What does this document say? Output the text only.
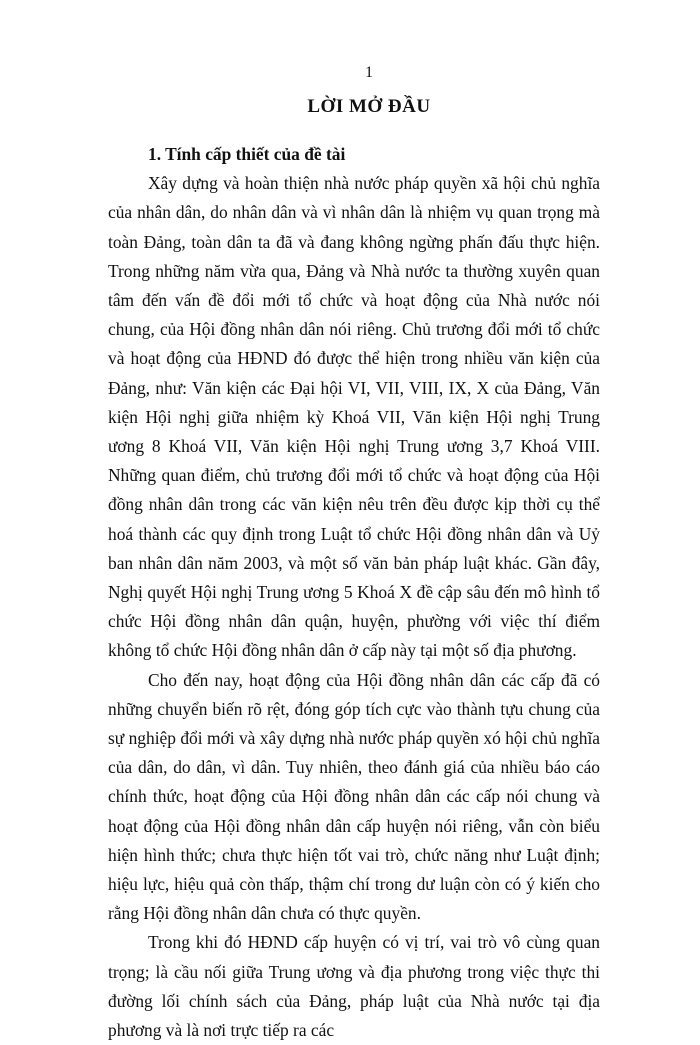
1
LỜI MỞ ĐẦU

1. Tính cấp thiết của đề tài

Xây dựng và hoàn thiện nhà nước pháp quyền xã hội chủ nghĩa của nhân dân, do nhân dân và vì nhân dân là nhiệm vụ quan trọng mà toàn Đảng, toàn dân ta đã và đang không ngừng phấn đấu thực hiện. Trong những năm vừa qua, Đảng và Nhà nước ta thường xuyên quan tâm đến vấn đề đổi mới tổ chức và hoạt động của Nhà nước nói chung, của Hội đồng nhân dân nói riêng. Chủ trương đổi mới tổ chức và hoạt động của HĐND đó được thể hiện trong nhiều văn kiện của Đảng, như: Văn kiện các Đại hội VI, VII, VIII, IX, X của Đảng, Văn kiện Hội nghị giữa nhiệm kỳ Khoá VII, Văn kiện Hội nghị Trung ương 8 Khoá VII, Văn kiện Hội nghị Trung ương 3,7 Khoá VIII. Những quan điểm, chủ trương đổi mới tổ chức và hoạt động của Hội đồng nhân dân trong các văn kiện nêu trên đều được kịp thời cụ thể hoá thành các quy định trong Luật tổ chức Hội đồng nhân dân và Uỷ ban nhân dân năm 2003, và một số văn bản pháp luật khác. Gần đây, Nghị quyết Hội nghị Trung ương 5 Khoá X đề cập sâu đến mô hình tổ chức Hội đồng nhân dân quận, huyện, phường với việc thí điểm không tổ chức Hội đồng nhân dân ở cấp này tại một số địa phương.

Cho đến nay, hoạt động của Hội đồng nhân dân các cấp đã có những chuyển biến rõ rệt, đóng góp tích cực vào thành tựu chung của sự nghiệp đổi mới và xây dựng nhà nước pháp quyền xó hội chủ nghĩa của dân, do dân, vì dân. Tuy nhiên, theo đánh giá của nhiều báo cáo chính thức, hoạt động của Hội đồng nhân dân các cấp nói chung và hoạt động của Hội đồng nhân dân cấp huyện nói riêng, vẫn còn biểu hiện hình thức; chưa thực hiện tốt vai trò, chức năng như Luật định; hiệu lực, hiệu quả còn thấp, thậm chí trong dư luận còn có ý kiến cho rằng Hội đồng nhân dân chưa có thực quyền.

Trong khi đó HĐND cấp huyện có vị trí, vai trò vô cùng quan trọng; là cầu nối giữa Trung ương và địa phương trong việc thực thi đường lối chính sách của Đảng, pháp luật của Nhà nước tại địa phương và là nơi trực tiếp ra các
